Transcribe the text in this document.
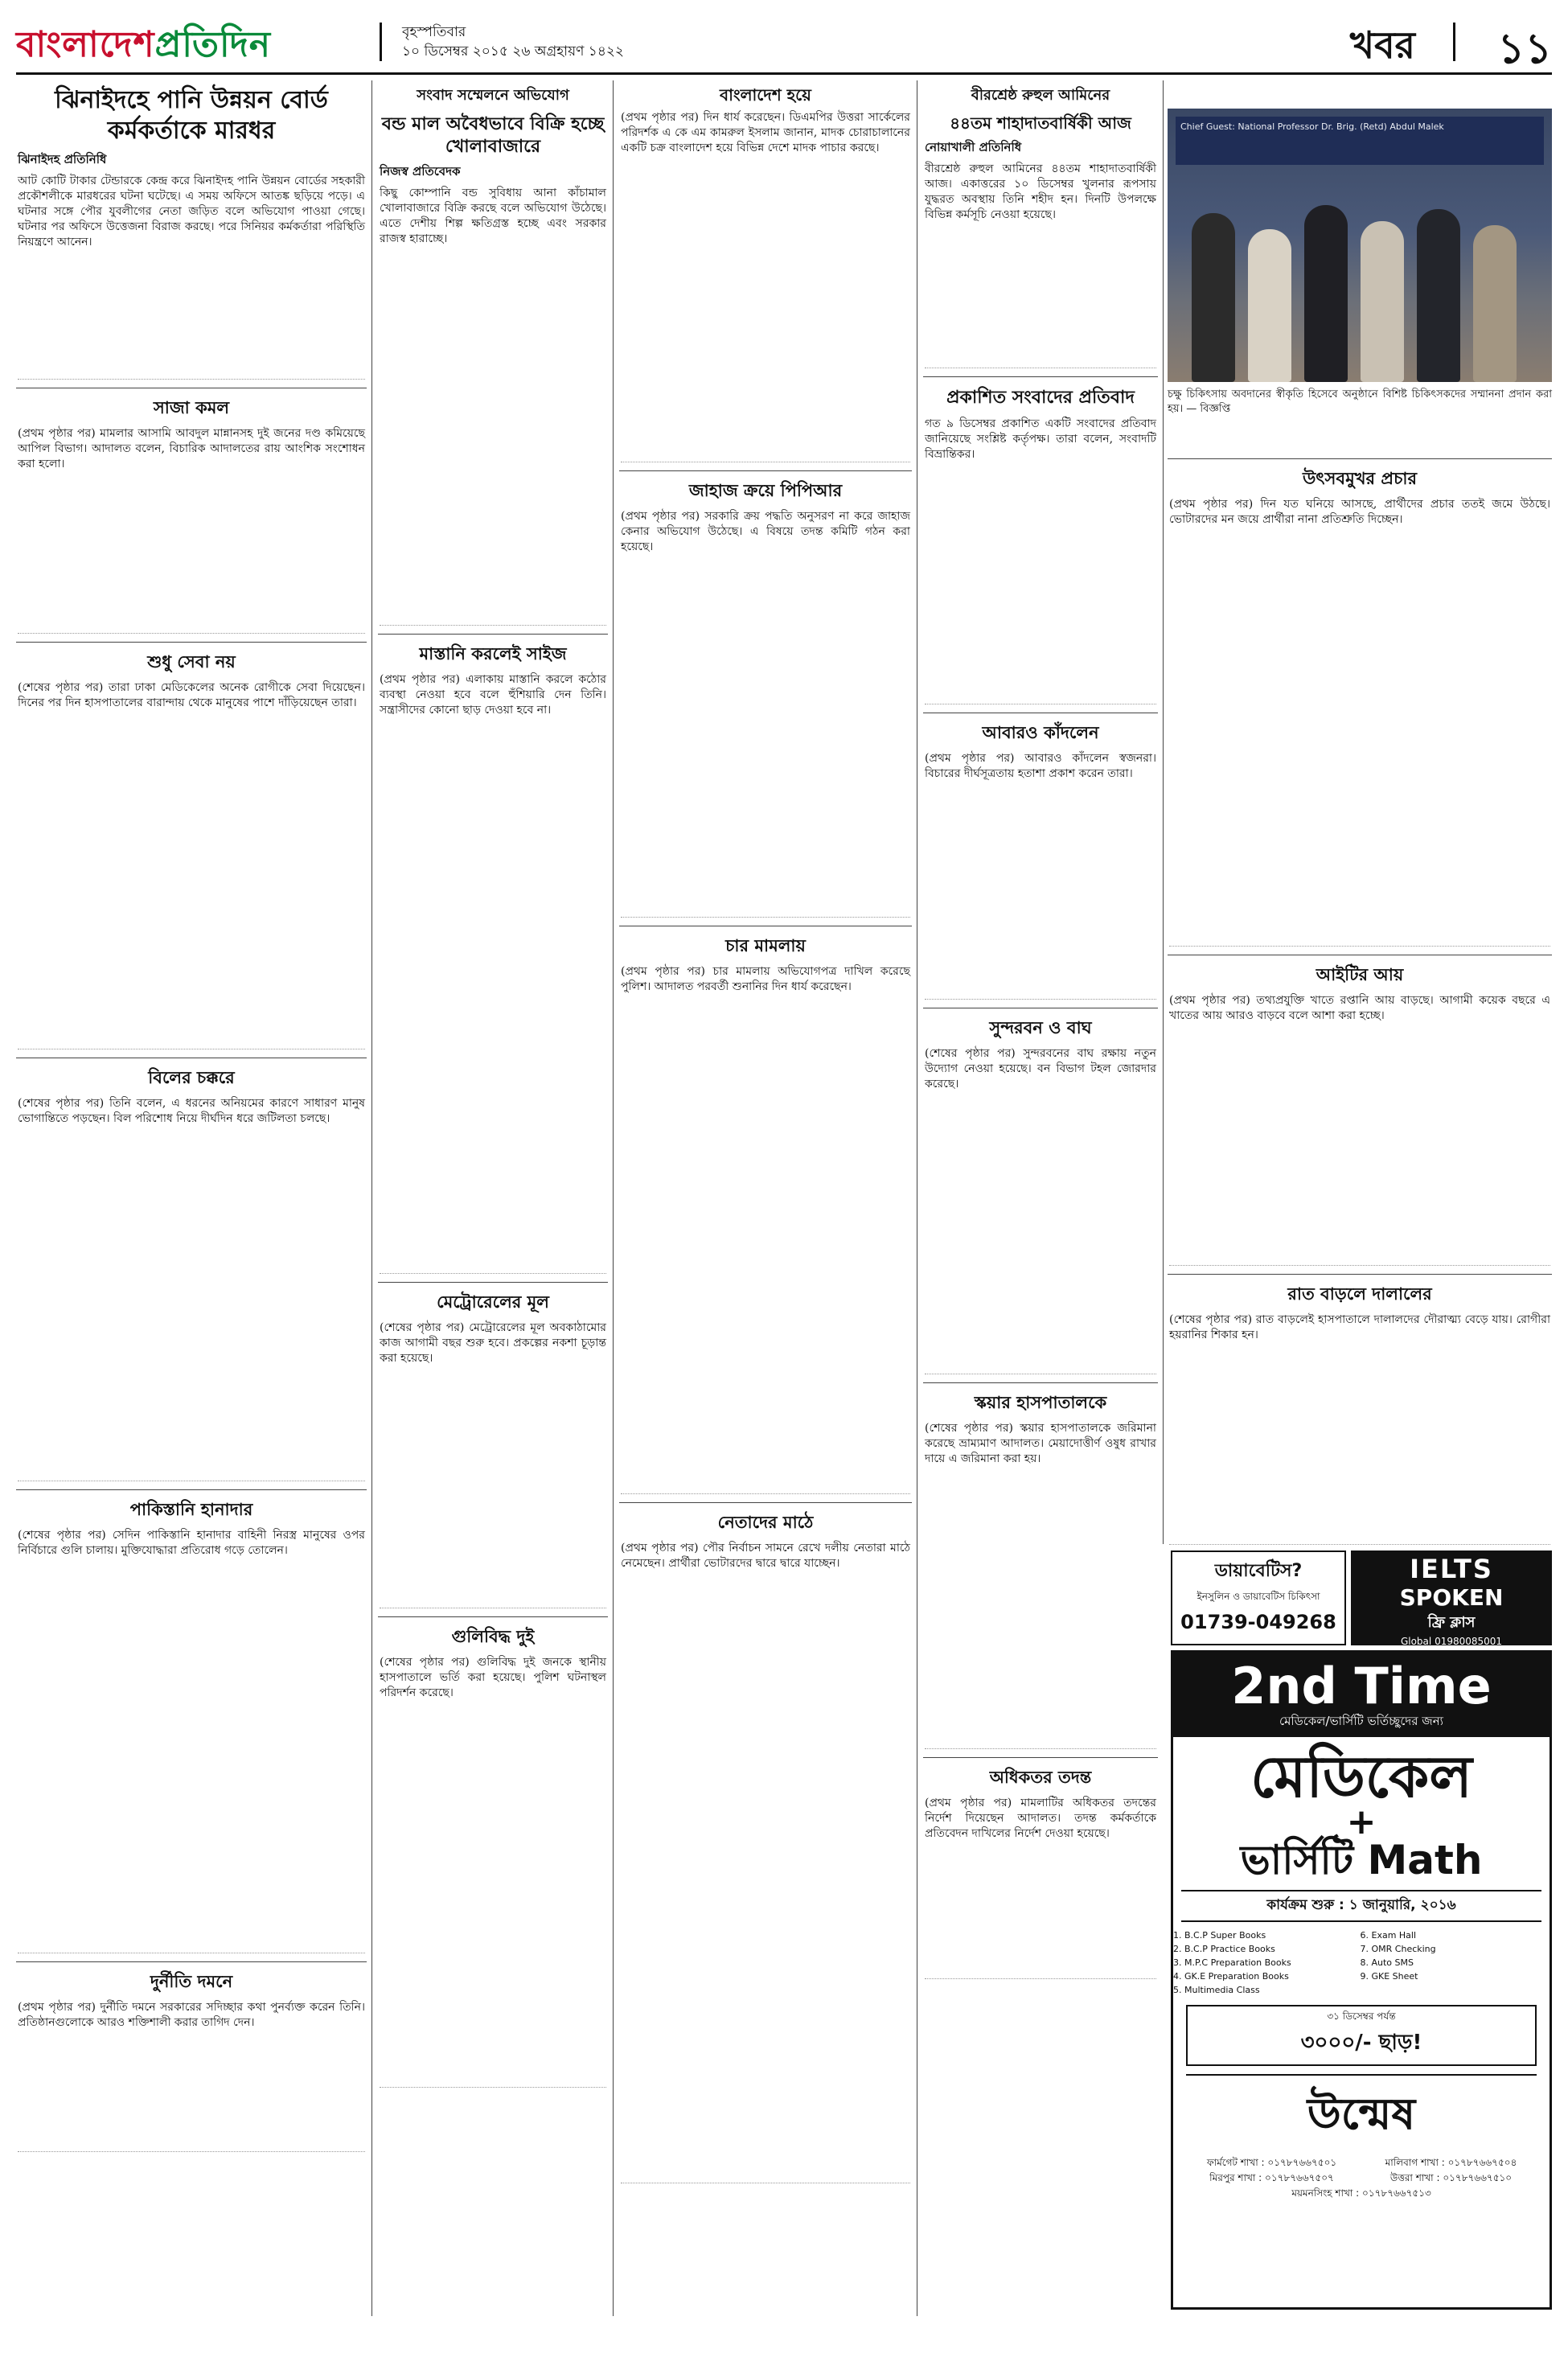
বাংলাদেশপ্রতিদিন	বৃহস্পতিবার
১০ ডিসেম্বর ২০১৫ ২৬ অগ্রহায়ণ ১৪২২	খবর ১১
ঝিনাইদহে পানি উন্নয়ন বোর্ড কর্মকর্তাকে মারধর
ঝিনাইদহ প্রতিনিধি
আট কোটি টাকার টেন্ডারকে কেন্দ্র করে ঝিনাইদহ পানি উন্নয়ন বোর্ডের সহকারী প্রকৌশলীকে মারধরের ঘটনা ঘটেছে। এ সময় অফিসে আতঙ্ক ছড়িয়ে পড়ে। এ ঘটনার সঙ্গে পৌর যুবলীগের নেতা জড়িত বলে অভিযোগ পাওয়া গেছে। ঘটনার পর অফিসে উত্তেজনা বিরাজ করছে। পরে সিনিয়র কর্মকর্তারা পরিস্থিতি নিয়ন্ত্রণে আনেন।
সাজা কমল
(প্রথম পৃষ্ঠার পর) মামলার আসামি আবদুল মান্নানসহ দুই জনের দণ্ড কমিয়েছে আপিল বিভাগ। আদালত বলেন, বিচারিক আদালতের রায় আংশিক সংশোধন করা হলো।
শুধু সেবা নয়
(শেষের পৃষ্ঠার পর) তারা ঢাকা মেডিকেলের অনেক রোগীকে সেবা দিয়েছেন। দিনের পর দিন হাসপাতালের বারান্দায় থেকে মানুষের পাশে দাঁড়িয়েছেন তারা।
বিলের চক্করে
(শেষের পৃষ্ঠার পর) তিনি বলেন, এ ধরনের অনিয়মের কারণে সাধারণ মানুষ ভোগান্তিতে পড়ছেন। বিল পরিশোধ নিয়ে দীর্ঘদিন ধরে জটিলতা চলছে।
পাকিস্তানি হানাদার
(শেষের পৃষ্ঠার পর) সেদিন পাকিস্তানি হানাদার বাহিনী নিরস্ত্র মানুষের ওপর নির্বিচারে গুলি চালায়। মুক্তিযোদ্ধারা প্রতিরোধ গড়ে তোলেন।
দুর্নীতি দমনে
(প্রথম পৃষ্ঠার পর) দুর্নীতি দমনে সরকারের সদিচ্ছার কথা পুনর্ব্যক্ত করেন তিনি। প্রতিষ্ঠানগুলোকে আরও শক্তিশালী করার তাগিদ দেন।
সংবাদ সম্মেলনে অভিযোগ
বন্ড মাল অবৈধভাবে বিক্রি হচ্ছে খোলাবাজারে
নিজস্ব প্রতিবেদক
কিছু কোম্পানি বন্ড সুবিধায় আনা কাঁচামাল খোলাবাজারে বিক্রি করছে বলে অভিযোগ উঠেছে। এতে দেশীয় শিল্প ক্ষতিগ্রস্ত হচ্ছে এবং সরকার রাজস্ব হারাচ্ছে।
মাস্তানি করলেই সাইজ
(প্রথম পৃষ্ঠার পর) এলাকায় মাস্তানি করলে কঠোর ব্যবস্থা নেওয়া হবে বলে হুঁশিয়ারি দেন তিনি। সন্ত্রাসীদের কোনো ছাড় দেওয়া হবে না।
মেট্রোরেলের মূল
(শেষের পৃষ্ঠার পর) মেট্রোরেলের মূল অবকাঠামোর কাজ আগামী বছর শুরু হবে। প্রকল্পের নকশা চূড়ান্ত করা হয়েছে।
গুলিবিদ্ধ দুই
(শেষের পৃষ্ঠার পর) গুলিবিদ্ধ দুই জনকে স্থানীয় হাসপাতালে ভর্তি করা হয়েছে। পুলিশ ঘটনাস্থল পরিদর্শন করেছে।
বাংলাদেশ হয়ে
(প্রথম পৃষ্ঠার পর) দিন ধার্য করেছেন। ডিএমপির উত্তরা সার্কেলের পরিদর্শক এ কে এম কামরুল ইসলাম জানান, মাদক চোরাচালানের একটি চক্র বাংলাদেশ হয়ে বিভিন্ন দেশে মাদক পাচার করছে।
জাহাজ ক্রয়ে পিপিআর
(প্রথম পৃষ্ঠার পর) সরকারি ক্রয় পদ্ধতি অনুসরণ না করে জাহাজ কেনার অভিযোগ উঠেছে। এ বিষয়ে তদন্ত কমিটি গঠন করা হয়েছে।
চার মামলায়
(প্রথম পৃষ্ঠার পর) চার মামলায় অভিযোগপত্র দাখিল করেছে পুলিশ। আদালত পরবর্তী শুনানির দিন ধার্য করেছেন।
নেতাদের মাঠে
(প্রথম পৃষ্ঠার পর) পৌর নির্বাচন সামনে রেখে দলীয় নেতারা মাঠে নেমেছেন। প্রার্থীরা ভোটারদের দ্বারে দ্বারে যাচ্ছেন।
বীরশ্রেষ্ঠ রুহুল আমিনের
৪৪তম শাহাদাতবার্ষিকী আজ
নোয়াখালী প্রতিনিধি
বীরশ্রেষ্ঠ রুহুল আমিনের ৪৪তম শাহাদাতবার্ষিকী আজ। একাত্তরের ১০ ডিসেম্বর খুলনার রূপসায় যুদ্ধরত অবস্থায় তিনি শহীদ হন। দিনটি উপলক্ষে বিভিন্ন কর্মসূচি নেওয়া হয়েছে।
প্রকাশিত সংবাদের প্রতিবাদ
গত ৯ ডিসেম্বর প্রকাশিত একটি সংবাদের প্রতিবাদ জানিয়েছে সংশ্লিষ্ট কর্তৃপক্ষ। তারা বলেন, সংবাদটি বিভ্রান্তিকর।
আবারও কাঁদলেন
(প্রথম পৃষ্ঠার পর) আবারও কাঁদলেন স্বজনরা। বিচারের দীর্ঘসূত্রতায় হতাশা প্রকাশ করেন তারা।
সুন্দরবন ও বাঘ
(শেষের পৃষ্ঠার পর) সুন্দরবনের বাঘ রক্ষায় নতুন উদ্যোগ নেওয়া হয়েছে। বন বিভাগ টহল জোরদার করেছে।
স্কয়ার হাসপাতালকে
(শেষের পৃষ্ঠার পর) স্কয়ার হাসপাতালকে জরিমানা করেছে ভ্রাম্যমাণ আদালত। মেয়াদোত্তীর্ণ ওষুধ রাখার দায়ে এ জরিমানা করা হয়।
অধিকতর তদন্ত
(প্রথম পৃষ্ঠার পর) মামলাটির অধিকতর তদন্তের নির্দেশ দিয়েছেন আদালত। তদন্ত কর্মকর্তাকে প্রতিবেদন দাখিলের নির্দেশ দেওয়া হয়েছে।
Chief Guest: National Professor Dr. Brig. (Retd) Abdul Malek
চক্ষু চিকিৎসায় অবদানের স্বীকৃতি হিসেবে অনুষ্ঠানে বিশিষ্ট চিকিৎসকদের সম্মাননা প্রদান করা হয়। — বিজ্ঞপ্তি
উৎসবমুখর প্রচার
(প্রথম পৃষ্ঠার পর) দিন যত ঘনিয়ে আসছে, প্রার্থীদের প্রচার ততই জমে উঠছে। ভোটারদের মন জয়ে প্রার্থীরা নানা প্রতিশ্রুতি দিচ্ছেন।
আইটির আয়
(প্রথম পৃষ্ঠার পর) তথ্যপ্রযুক্তি খাতে রপ্তানি আয় বাড়ছে। আগামী কয়েক বছরে এ খাতের আয় আরও বাড়বে বলে আশা করা হচ্ছে।
রাত বাড়লে দালালের
(শেষের পৃষ্ঠার পর) রাত বাড়লেই হাসপাতালে দালালদের দৌরাত্ম্য বেড়ে যায়। রোগীরা হয়রানির শিকার হন।
ডায়াবেটিস?
ইনসুলিন ও ডায়াবেটিস চিকিৎসা
01739-049268
IELTS
SPOKEN
ফ্রি ক্লাস
Global 01980085001
2nd Time
মেডিকেল/ভার্সিটি ভর্তিচ্ছুদের জন্য
মেডিকেল
+
ভার্সিটি Math
কার্যক্রম শুরু : ১ জানুয়ারি, ২০১৬
1. B.C.P Super Books
2. B.C.P Practice Books
3. M.P.C Preparation Books
4. GK.E Preparation Books
5. Multimedia Class
6. Exam Hall
7. OMR Checking
8. Auto SMS
9. GKE Sheet
৩১ ডিসেম্বর পর্যন্ত
৩০০০/- ছাড়!
উন্মেষ
ফার্মগেট শাখা : ০১৭৮৭৬৬৭৫০১	মালিবাগ শাখা : ০১৭৮৭৬৬৭৫০৪
মিরপুর শাখা : ০১৭৮৭৬৬৭৫০৭	উত্তরা শাখা : ০১৭৮৭৬৬৭৫১০
ময়মনসিংহ শাখা : ০১৭৮৭৬৬৭৫১৩
